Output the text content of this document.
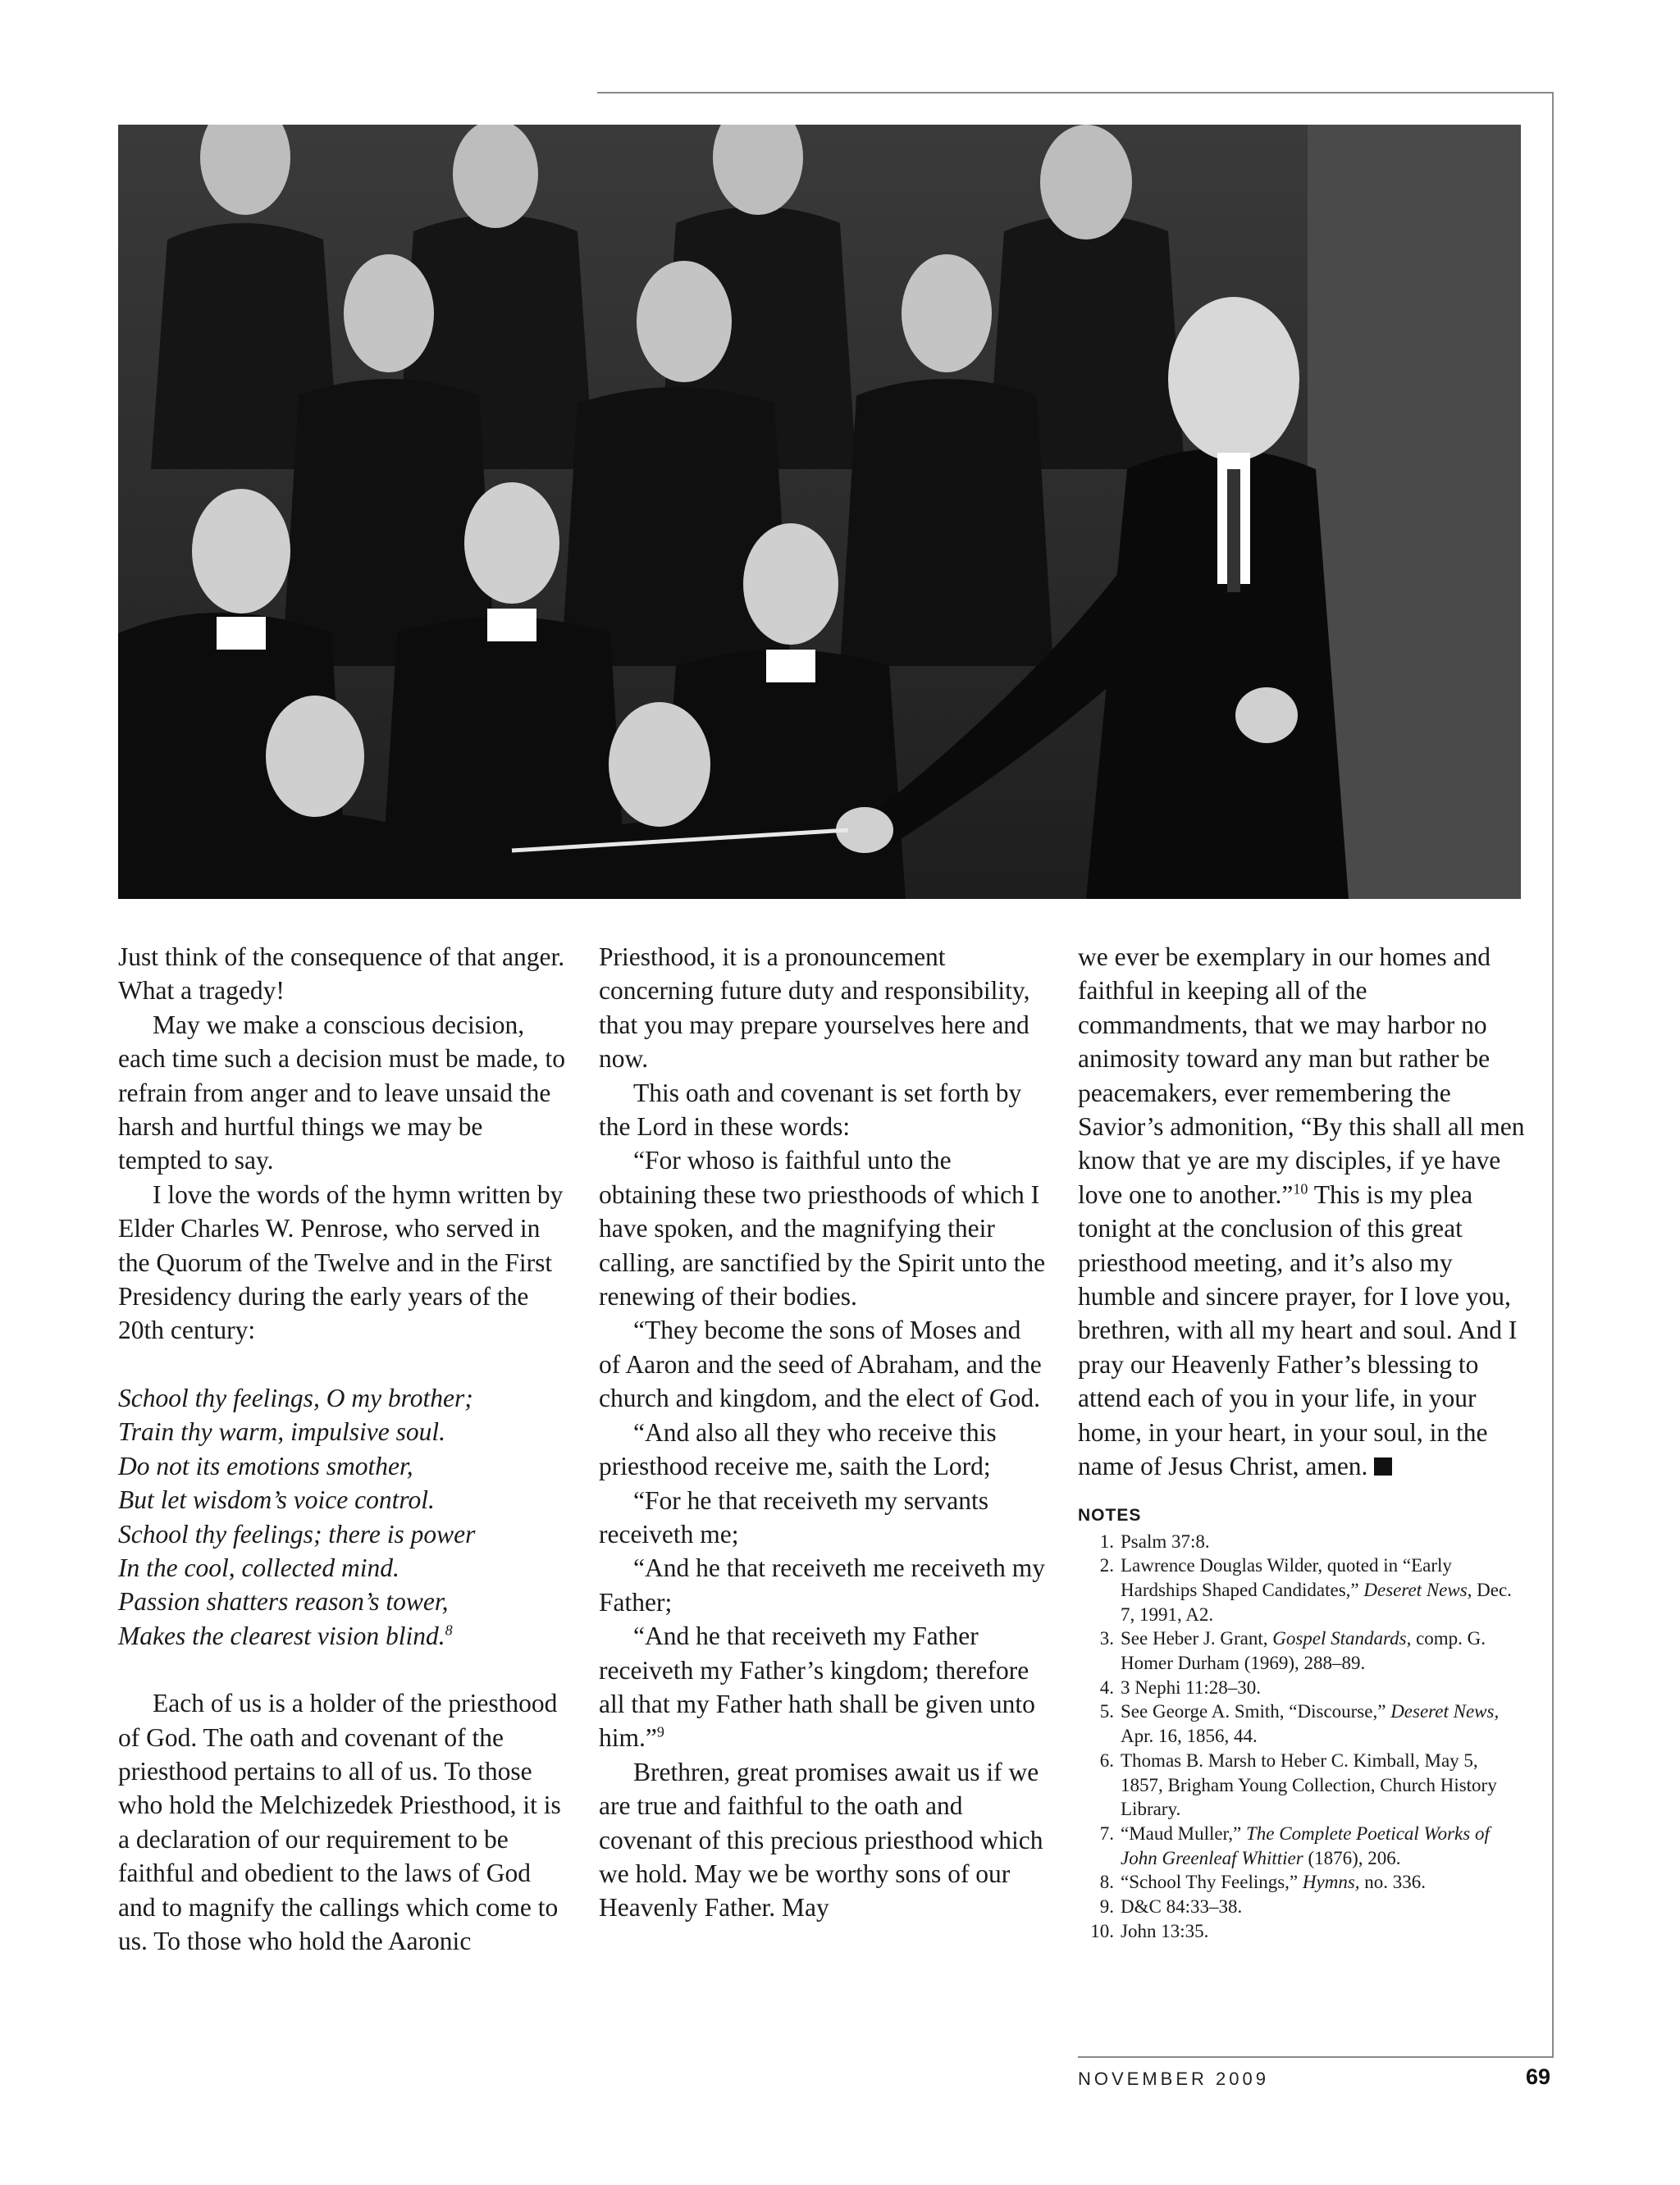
Just think of the consequence of that anger. What a tragedy!

May we make a conscious decision, each time such a decision must be made, to refrain from anger and to leave unsaid the harsh and hurtful things we may be tempted to say.

I love the words of the hymn written by Elder Charles W. Penrose, who served in the Quorum of the Twelve and in the First Presidency during the early years of the 20th century:

School thy feelings, O my brother;
Train thy warm, impulsive soul.
Do not its emotions smother,
But let wisdom’s voice control.
School thy feelings; there is power
In the cool, collected mind.
Passion shatters reason’s tower,
Makes the clearest vision blind.$^8$

Each of us is a holder of the priesthood of God. The oath and covenant of the priesthood pertains to all of us. To those who hold the Melchizedek Priesthood, it is a declaration of our requirement to be faithful and obedient to the laws of God and to magnify the callings which come to us. To those who hold the Aaronic

Priesthood, it is a pronouncement concerning future duty and responsibility, that you may prepare yourselves here and now.

This oath and covenant is set forth by the Lord in these words:

“For whoso is faithful unto the obtaining these two priesthoods of which I have spoken, and the magnifying their calling, are sanctified by the Spirit unto the renewing of their bodies.

“They become the sons of Moses and of Aaron and the seed of Abraham, and the church and kingdom, and the elect of God.

“And also all they who receive this priesthood receive me, saith the Lord;

“For he that receiveth my servants receiveth me;

“And he that receiveth me receiveth my Father;

“And he that receiveth my Father receiveth my Father’s kingdom; therefore all that my Father hath shall be given unto him.”$^9$

Brethren, great promises await us if we are true and faithful to the oath and covenant of this precious priesthood which we hold. May we be worthy sons of our Heavenly Father. May

we ever be exemplary in our homes and faithful in keeping all of the commandments, that we may harbor no animosity toward any man but rather be peacemakers, ever remembering the Savior’s admonition, “By this shall all men know that ye are my disciples, if ye have love one to another.”$^{10}$ This is my plea tonight at the conclusion of this great priesthood meeting, and it’s also my humble and sincere prayer, for I love you, brethren, with all my heart and soul. And I pray our Heavenly Father’s blessing to attend each of you in your life, in your home, in your heart, in your soul, in the name of Jesus Christ, amen.

NOTES
1. Psalm 37:8.
2. Lawrence Douglas Wilder, quoted in “Early Hardships Shaped Candidates,” Deseret News, Dec. 7, 1991, A2.
3. See Heber J. Grant, Gospel Standards, comp. G. Homer Durham (1969), 288–89.
4. 3 Nephi 11:28–30.
5. See George A. Smith, “Discourse,” Deseret News, Apr. 16, 1856, 44.
6. Thomas B. Marsh to Heber C. Kimball, May 5, 1857, Brigham Young Collection, Church History Library.
7. “Maud Muller,” The Complete Poetical Works of John Greenleaf Whittier (1876), 206.
8. “School Thy Feelings,” Hymns, no. 336.
9. D&C 84:33–38.
10. John 13:35.
NOVEMBER 2009	69
